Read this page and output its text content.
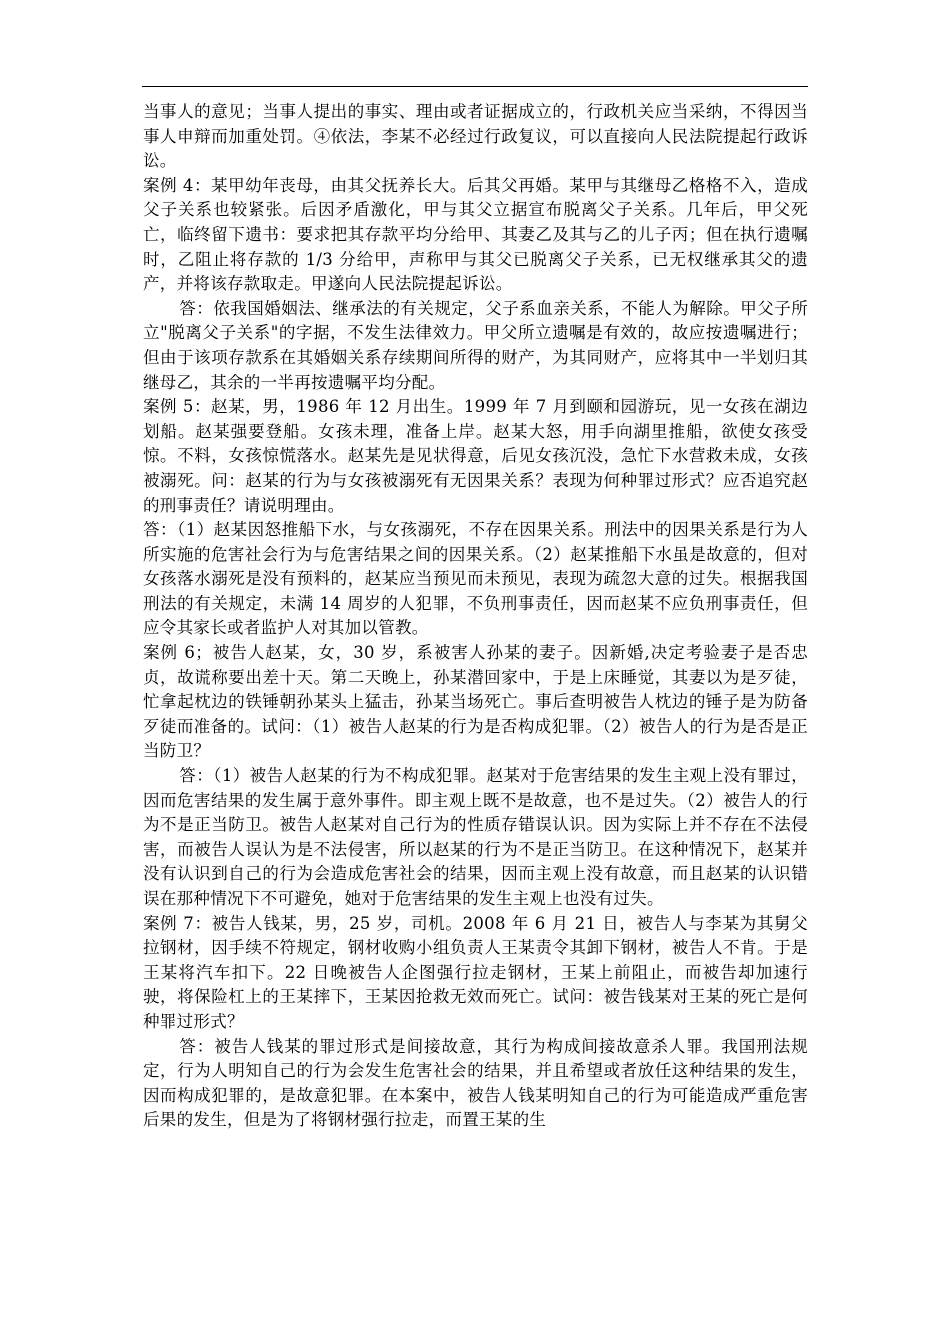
当事人的意见；当事人提出的事实、理由或者证据成立的，行政机关应当采纳，不得因当事人申辩而加重处罚。④依法，李某不必经过行政复议，可以直接向人民法院提起行政诉讼。

案例 4：某甲幼年丧母，由其父抚养长大。后其父再婚。某甲与其继母乙格格不入，造成父子关系也较紧张。后因矛盾激化，甲与其父立据宣布脱离父子关系。几年后，甲父死亡，临终留下遗书：要求把其存款平均分给甲、其妻乙及其与乙的儿子丙；但在执行遗嘱时，乙阻止将存款的 1/3 分给甲，声称甲与其父已脱离父子关系，已无权继承其父的遗产，并将该存款取走。甲遂向人民法院提起诉讼。

答：依我国婚姻法、继承法的有关规定，父子系血亲关系，不能人为解除。甲父子所立"脱离父子关系"的字据，不发生法律效力。甲父所立遗嘱是有效的，故应按遗嘱进行；但由于该项存款系在其婚姻关系存续期间所得的财产，为其同财产，应将其中一半划归其继母乙，其余的一半再按遗嘱平均分配。

案例 5：赵某，男，1986 年 12 月出生。1999 年 7 月到颐和园游玩，见一女孩在湖边划船。赵某强要登船。女孩未理，准备上岸。赵某大怒，用手向湖里推船，欲使女孩受惊。不料，女孩惊慌落水。赵某先是见状得意，后见女孩沉没，急忙下水营救未成，女孩被溺死。问：赵某的行为与女孩被溺死有无因果关系？表现为何种罪过形式？应否追究赵的刑事责任？请说明理由。

答：（1）赵某因怒推船下水，与女孩溺死，不存在因果关系。刑法中的因果关系是行为人所实施的危害社会行为与危害结果之间的因果关系。（2）赵某推船下水虽是故意的，但对女孩落水溺死是没有预料的，赵某应当预见而未预见，表现为疏忽大意的过失。根据我国刑法的有关规定，未满 14 周岁的人犯罪，不负刑事责任，因而赵某不应负刑事责任，但应令其家长或者监护人对其加以管教。

案例 6；被告人赵某，女，30 岁，系被害人孙某的妻子。因新婚,决定考验妻子是否忠贞，故谎称要出差十天。第二天晚上，孙某潜回家中，于是上床睡觉，其妻以为是歹徒，忙拿起枕边的铁锤朝孙某头上猛击，孙某当场死亡。事后查明被告人枕边的锤子是为防备歹徒而准备的。试问：（1）被告人赵某的行为是否构成犯罪。（2）被告人的行为是否是正当防卫？

答：（1）被告人赵某的行为不构成犯罪。赵某对于危害结果的发生主观上没有罪过，因而危害结果的发生属于意外事件。即主观上既不是故意，也不是过失。（2）被告人的行为不是正当防卫。被告人赵某对自己行为的性质存错误认识。因为实际上并不存在不法侵害，而被告人误认为是不法侵害，所以赵某的行为不是正当防卫。在这种情况下，赵某并没有认识到自己的行为会造成危害社会的结果，因而主观上没有故意，而且赵某的认识错误在那种情况下不可避免，她对于危害结果的发生主观上也没有过失。

案例 7：被告人钱某，男，25 岁，司机。2008 年 6 月 21 日，被告人与李某为其舅父拉钢材，因手续不符规定，钢材收购小组负责人王某责令其卸下钢材，被告人不肯。于是王某将汽车扣下。22 日晚被告人企图强行拉走钢材，王某上前阻止，而被告却加速行驶，将保险杠上的王某摔下，王某因抢救无效而死亡。试问：被告钱某对王某的死亡是何种罪过形式？

答：被告人钱某的罪过形式是间接故意，其行为构成间接故意杀人罪。我国刑法规定，行为人明知自己的行为会发生危害社会的结果，并且希望或者放任这种结果的发生，因而构成犯罪的，是故意犯罪。在本案中，被告人钱某明知自己的行为可能造成严重危害后果的发生，但是为了将钢材强行拉走，而置王某的生
